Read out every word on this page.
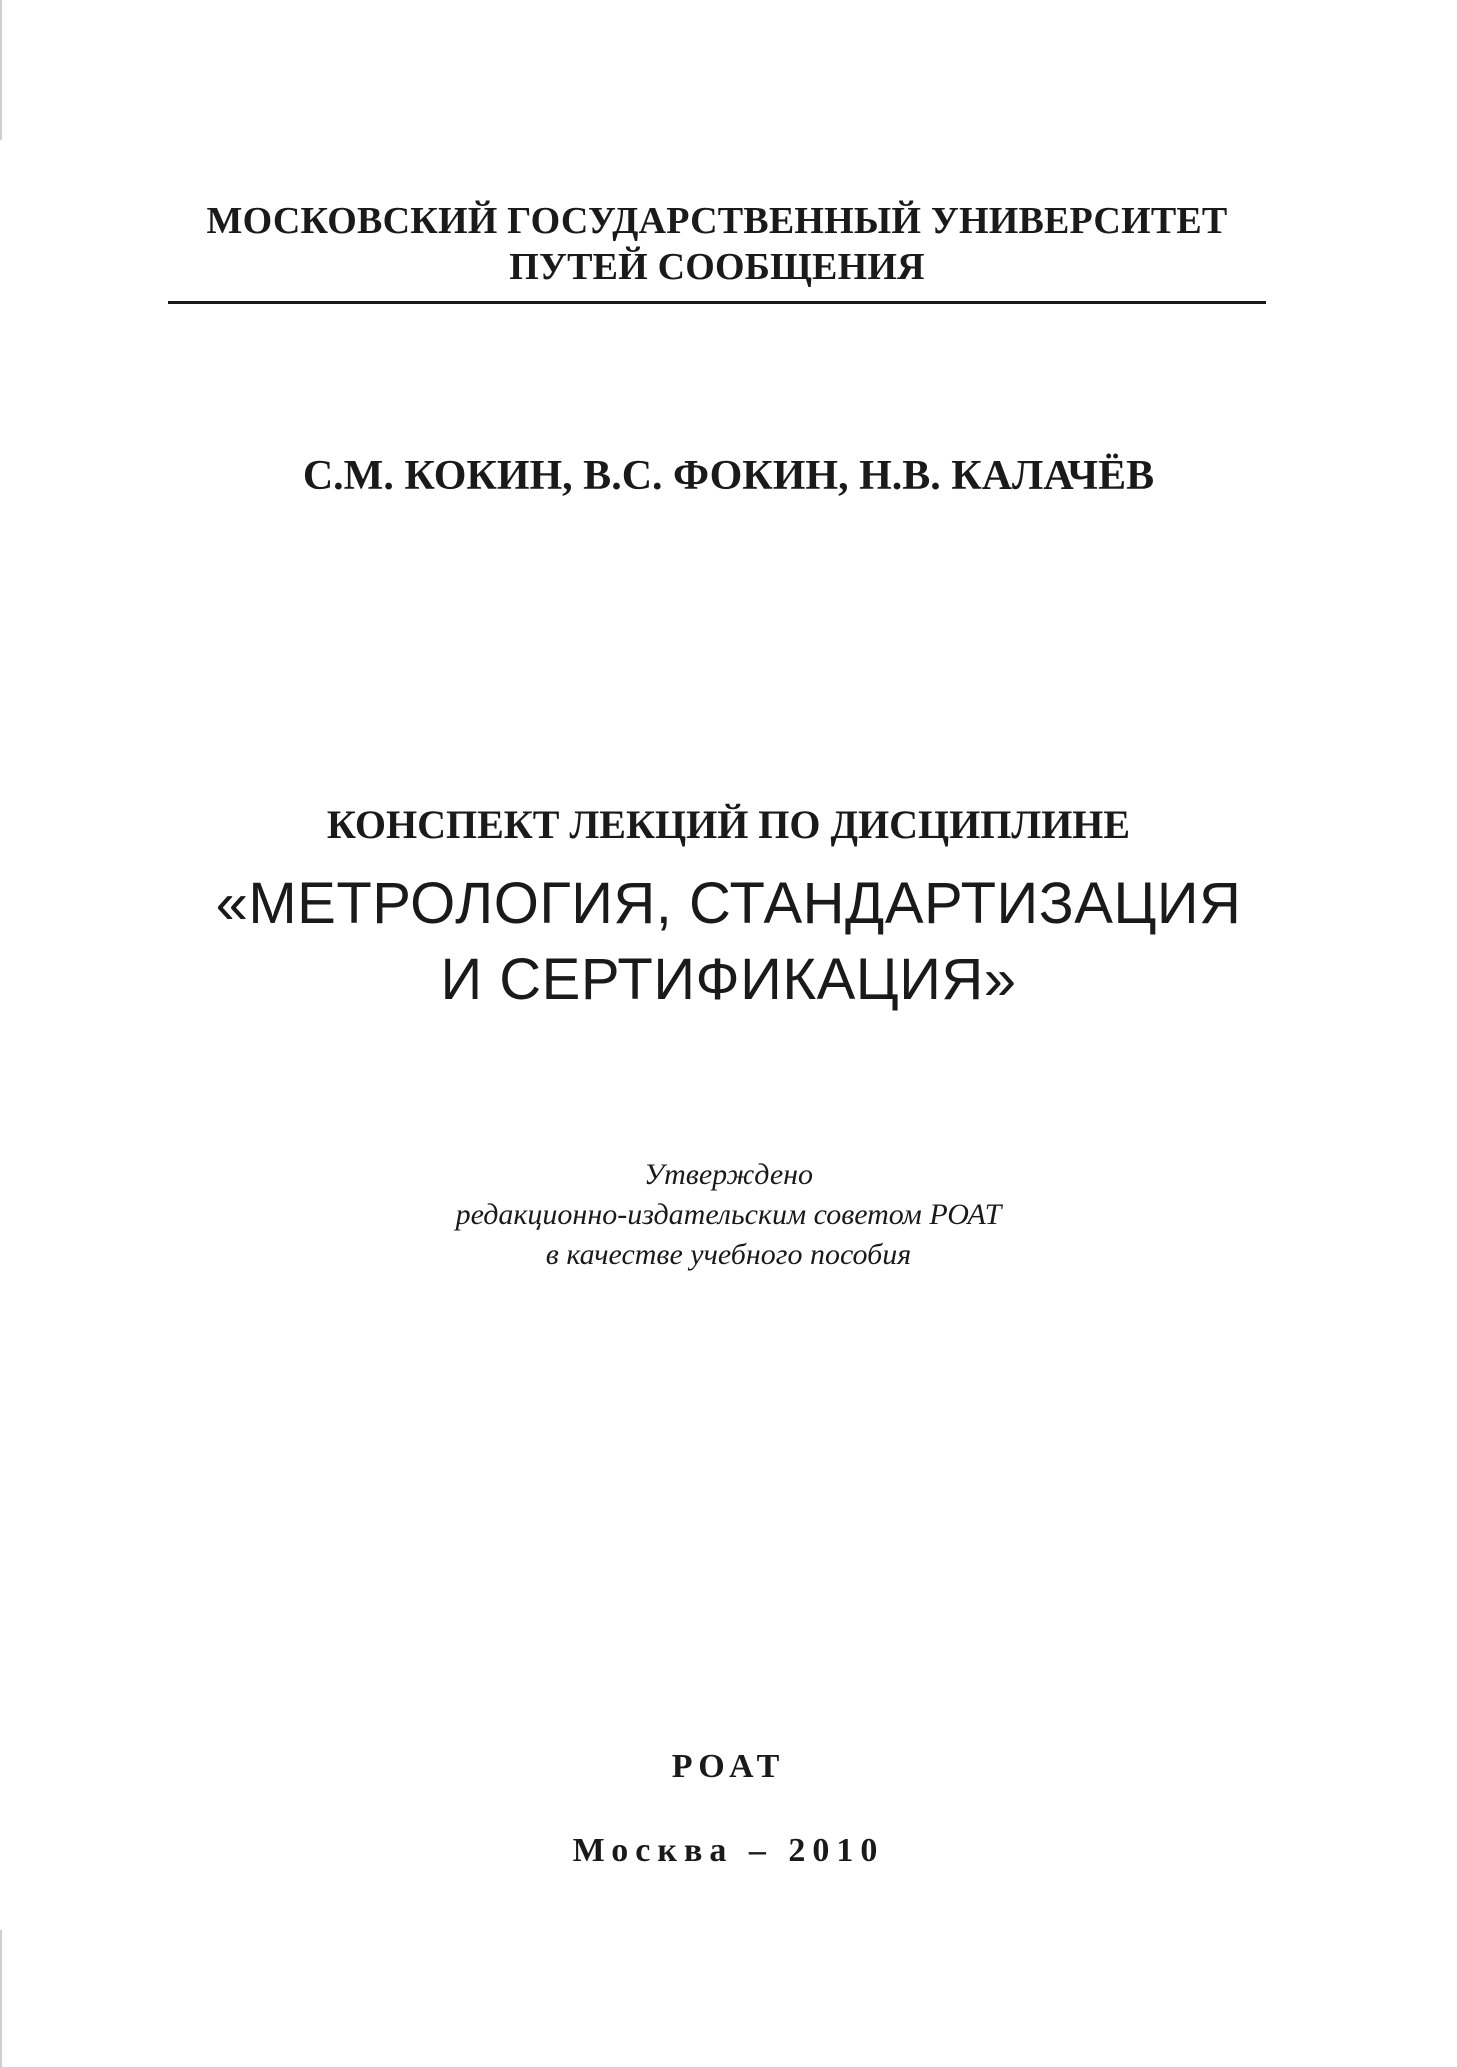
МОСКОВСКИЙ ГОСУДАРСТВЕННЫЙ УНИВЕРСИТЕТ
ПУТЕЙ СООБЩЕНИЯ
С.М. КОКИН, В.С. ФОКИН, Н.В. КАЛАЧЁВ
КОНСПЕКТ ЛЕКЦИЙ ПО ДИСЦИПЛИНЕ
«МЕТРОЛОГИЯ, СТАНДАРТИЗАЦИЯ
И СЕРТИФИКАЦИЯ»
Утверждено
редакционно-издательским советом РОАТ
в качестве учебного пособия
РОАТ
Москва – 2010
